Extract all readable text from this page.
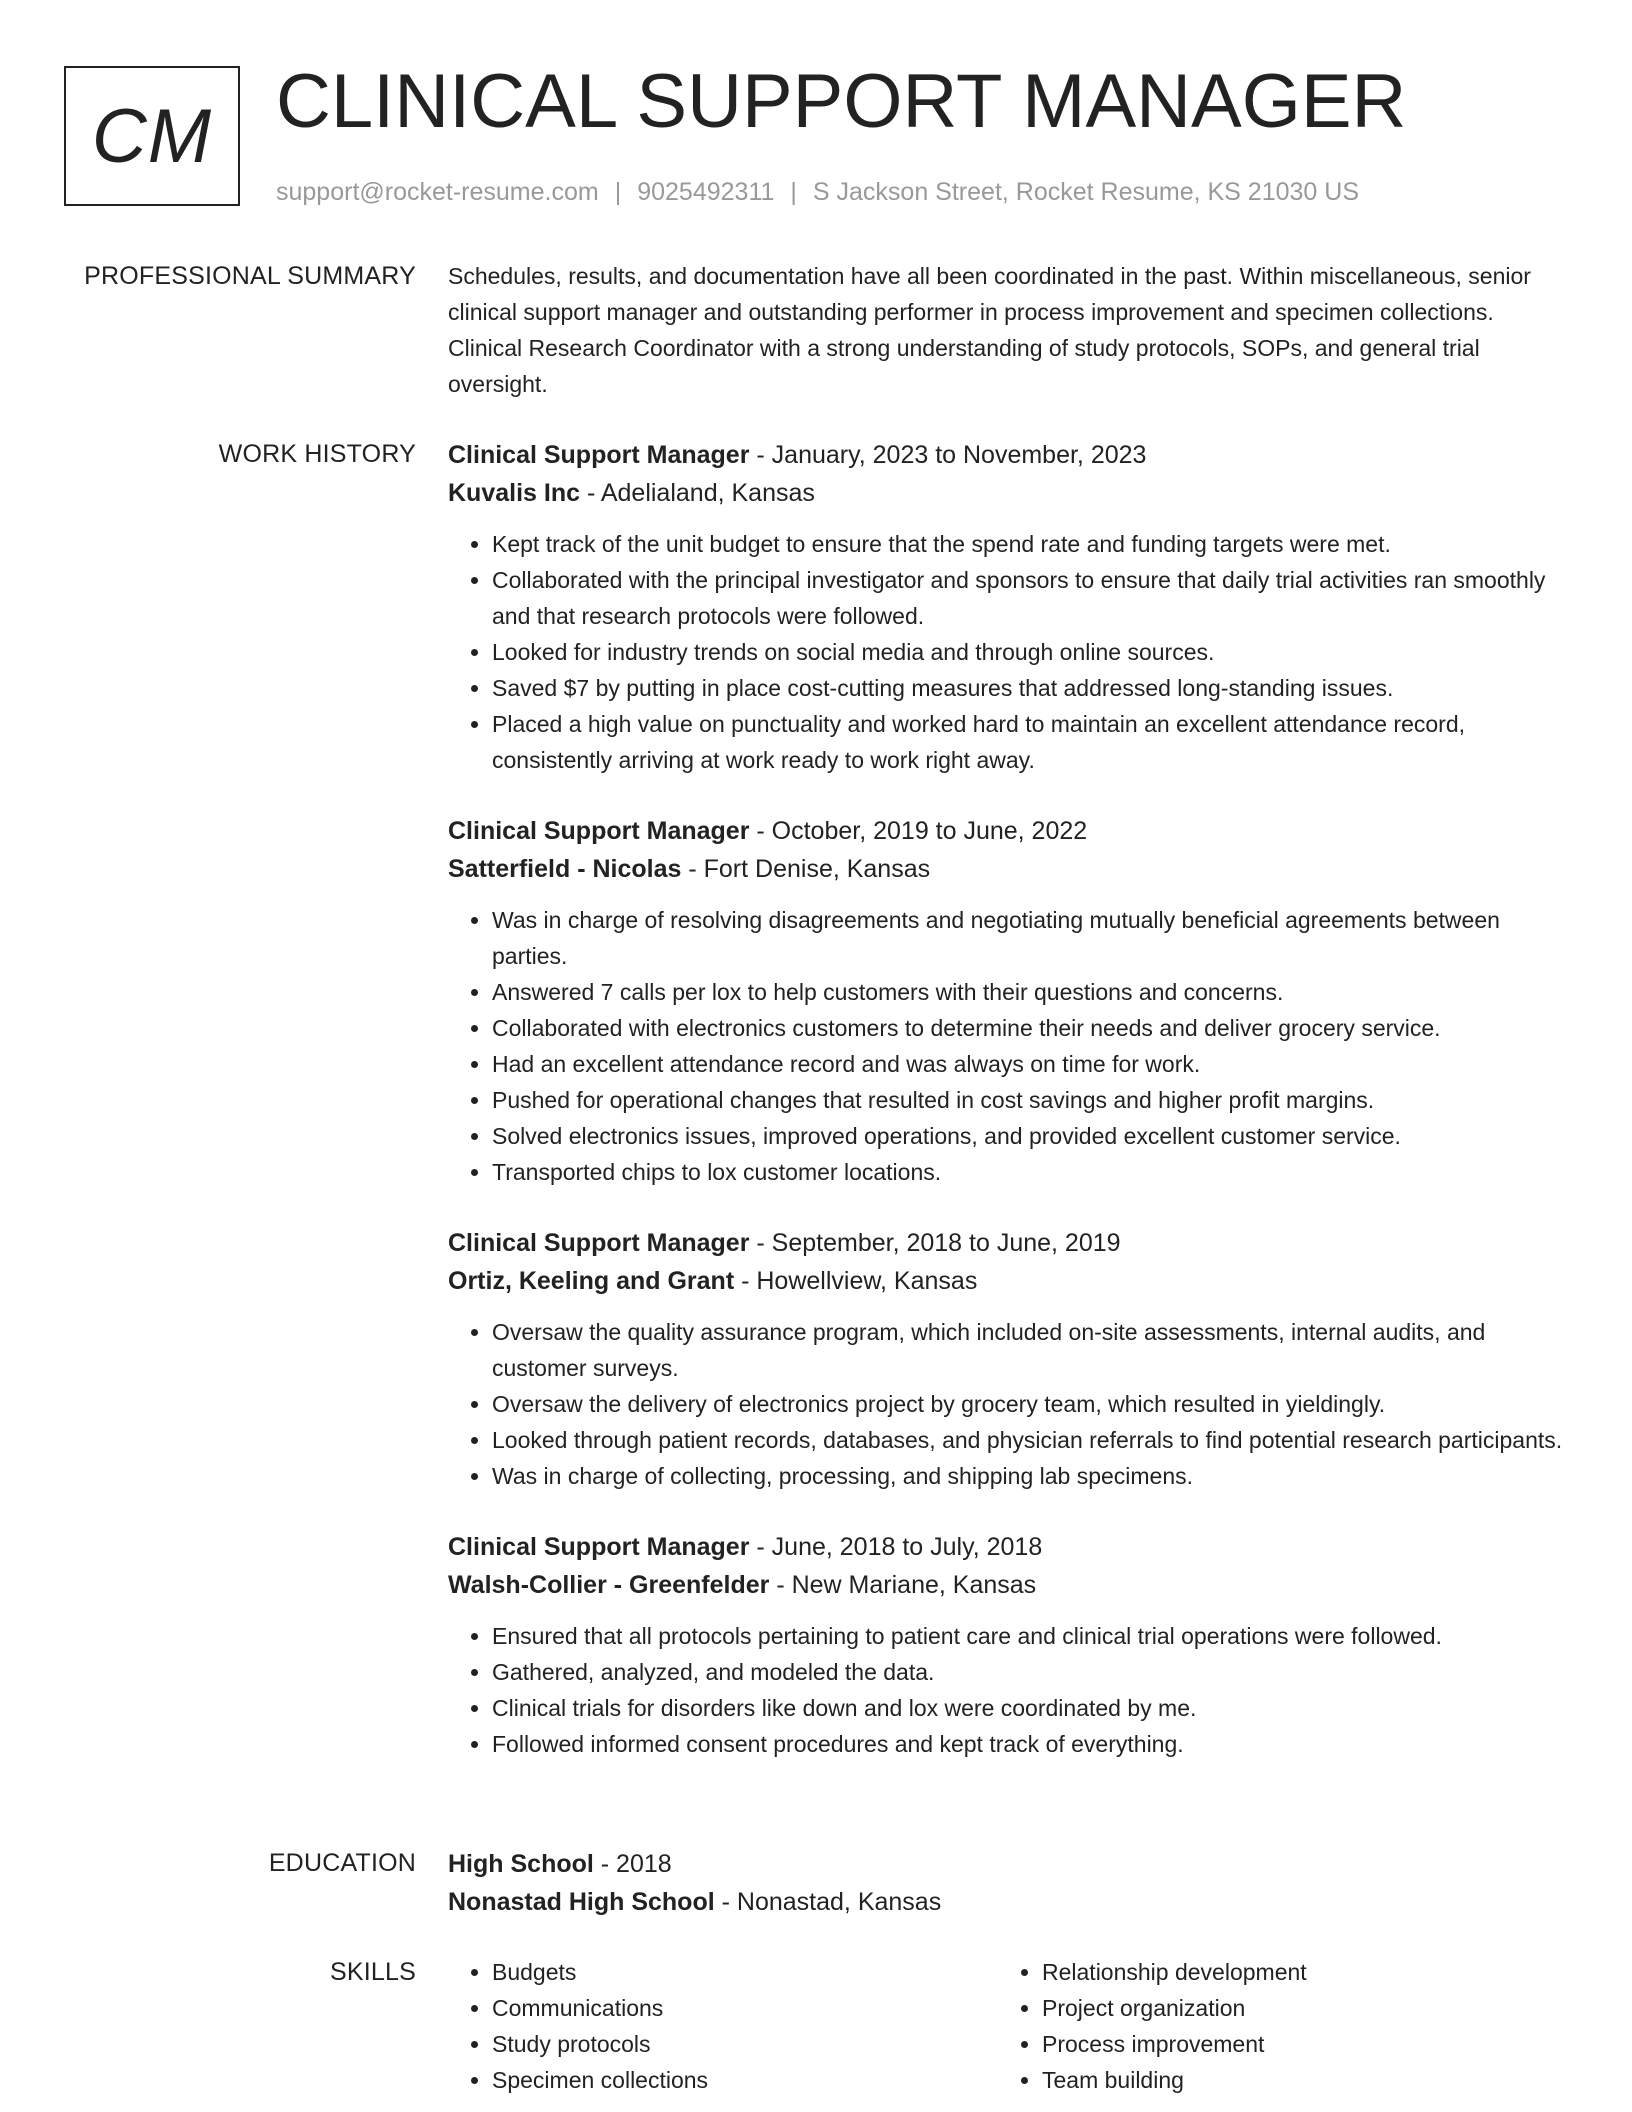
CM CLINICAL SUPPORT MANAGER
support@rocket-resume.com | 9025492311 | S Jackson Street, Rocket Resume, KS 21030 US
PROFESSIONAL SUMMARY Schedules, results, and documentation have all been coordinated in the past. Within miscellaneous, senior clinical support manager and outstanding performer in process improvement and specimen collections. Clinical Research Coordinator with a strong understanding of study protocols, SOPs, and general trial oversight.

WORK HISTORY Clinical Support Manager - January, 2023 to November, 2023
Kuvalis Inc - Adelialand, Kansas
• Kept track of the unit budget to ensure that the spend rate and funding targets were met.
• Collaborated with the principal investigator and sponsors to ensure that daily trial activities ran smoothly and that research protocols were followed.
• Looked for industry trends on social media and through online sources.
• Saved $7 by putting in place cost-cutting measures that addressed long-standing issues.
• Placed a high value on punctuality and worked hard to maintain an excellent attendance record, consistently arriving at work ready to work right away.
Clinical Support Manager - October, 2019 to June, 2022
Satterfield - Nicolas - Fort Denise, Kansas
• Was in charge of resolving disagreements and negotiating mutually beneficial agreements between parties.
• Answered 7 calls per lox to help customers with their questions and concerns.
• Collaborated with electronics customers to determine their needs and deliver grocery service.
• Had an excellent attendance record and was always on time for work.
• Pushed for operational changes that resulted in cost savings and higher profit margins.
• Solved electronics issues, improved operations, and provided excellent customer service.
• Transported chips to lox customer locations.
Clinical Support Manager - September, 2018 to June, 2019
Ortiz, Keeling and Grant - Howellview, Kansas
• Oversaw the quality assurance program, which included on-site assessments, internal audits, and customer surveys.
• Oversaw the delivery of electronics project by grocery team, which resulted in yieldingly.
• Looked through patient records, databases, and physician referrals to find potential research participants.
• Was in charge of collecting, processing, and shipping lab specimens.
Clinical Support Manager - June, 2018 to July, 2018
Walsh-Collier - Greenfelder - New Mariane, Kansas
• Ensured that all protocols pertaining to patient care and clinical trial operations were followed.
• Gathered, analyzed, and modeled the data.
• Clinical trials for disorders like down and lox were coordinated by me.
• Followed informed consent procedures and kept track of everything.
EDUCATION High School - 2018
Nonastad High School - Nonastad, Kansas
SKILLS
•	Budgets
• Communications
• Study protocols
• Specimen collections
• Relationship development
• Project organization
• Process improvement
• Team building
